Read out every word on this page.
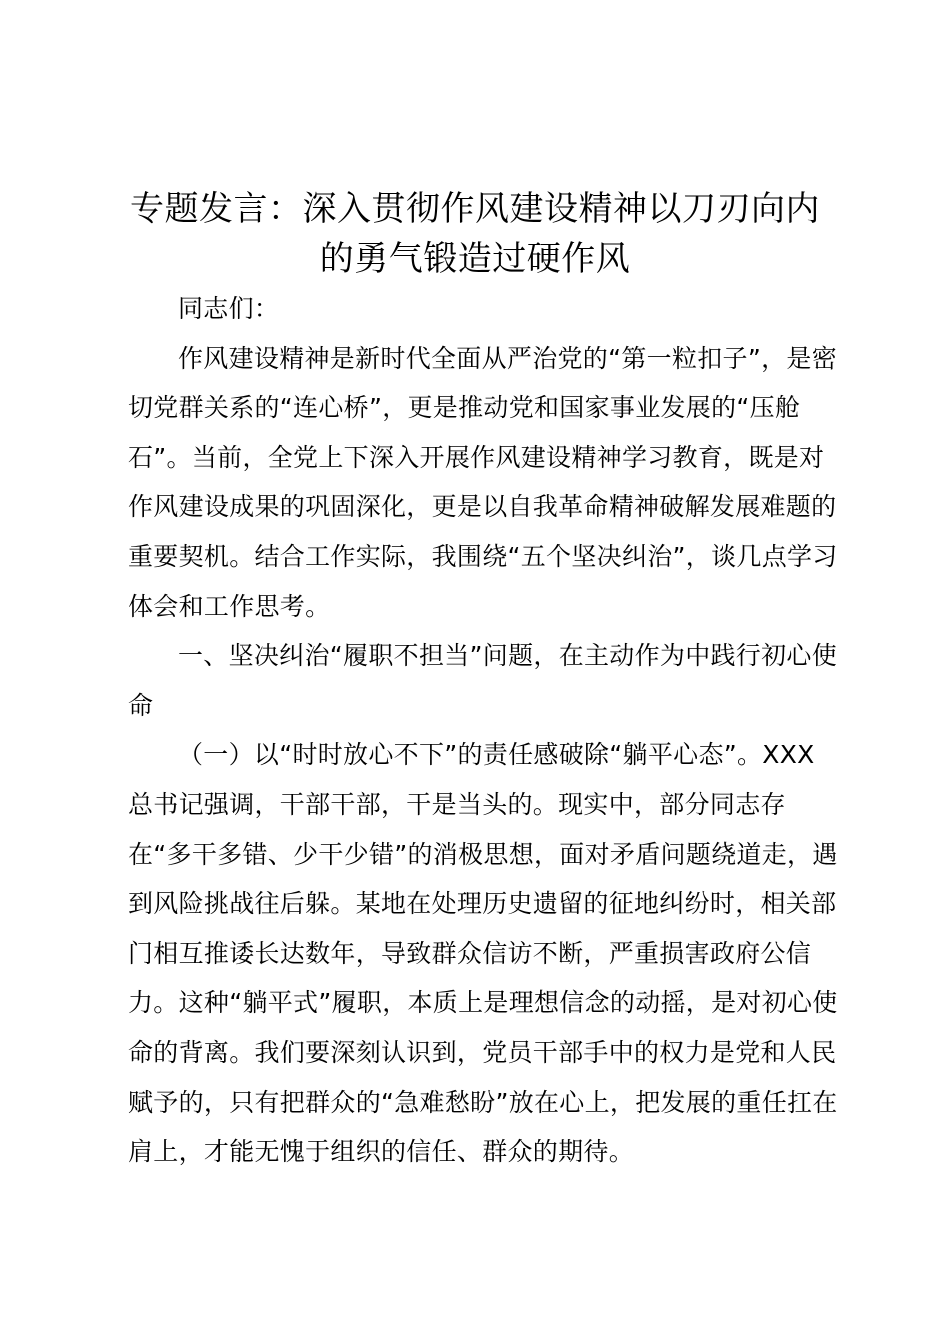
专题发言：深入贯彻作风建设精神以刀刃向内
的勇气锻造过硬作风

同志们：

作风建设精神是新时代全面从严治党的“第一粒扣子”，是密切党群关系的“连心桥”，更是推动党和国家事业发展的“压舱石”。当前，全党上下深入开展作风建设精神学习教育，既是对作风建设成果的巩固深化，更是以自我革命精神破解发展难题的重要契机。结合工作实际，我围绕“五个坚决纠治”，谈几点学习体会和工作思考。

一、坚决纠治“履职不担当”问题，在主动作为中践行初心使命

（一）以“时时放心不下”的责任感破除“躺平心态”。XXX总书记强调，干部干部，干是当头的。现实中，部分同志存在“多干多错、少干少错”的消极思想，面对矛盾问题绕道走，遇到风险挑战往后躲。某地在处理历史遗留的征地纠纷时，相关部门相互推诿长达数年，导致群众信访不断，严重损害政府公信力。这种“躺平式”履职，本质上是理想信念的动摇，是对初心使命的背离。我们要深刻认识到，党员干部手中的权力是党和人民赋予的，只有把群众的“急难愁盼”放在心上，把发展的重任扛在肩上，才能无愧于组织的信任、群众的期待。
